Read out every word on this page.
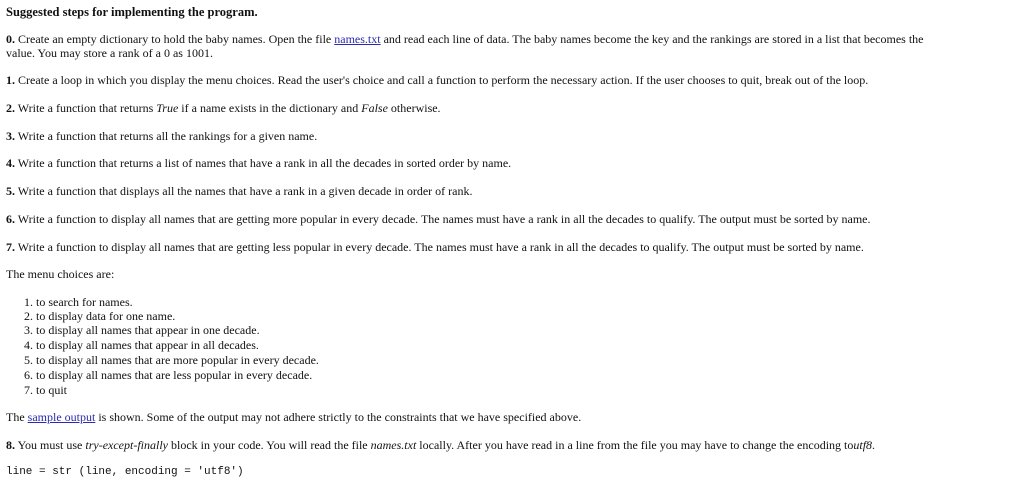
Suggested steps for implementing the program.
0. Create an empty dictionary to hold the baby names. Open the file names.txt and read each line of data. The baby names become the key and the rankings are stored in a list that becomes the
value. You may store a rank of a 0 as 1001.
1. Create a loop in which you display the menu choices. Read the user's choice and call a function to perform the necessary action. If the user chooses to quit, break out of the loop.
2. Write a function that returns True if a name exists in the dictionary and False otherwise.
3. Write a function that returns all the rankings for a given name.
4. Write a function that returns a list of names that have a rank in all the decades in sorted order by name.
5. Write a function that displays all the names that have a rank in a given decade in order of rank.
6. Write a function to display all names that are getting more popular in every decade. The names must have a rank in all the decades to qualify. The output must be sorted by name.
7. Write a function to display all names that are getting less popular in every decade. The names must have a rank in all the decades to qualify. The output must be sorted by name.
The menu choices are:
1. to search for names.
2. to display data for one name.
3. to display all names that appear in one decade.
4. to display all names that appear in all decades.
5. to display all names that are more popular in every decade.
6. to display all names that are less popular in every decade.
7. to quit
The sample output is shown. Some of the output may not adhere strictly to the constraints that we have specified above.
8. You must use try-except-finally block in your code. You will read the file names.txt locally. After you have read in a line from the file you may have to change the encoding toutf8.
line = str (line, encoding = 'utf8')
